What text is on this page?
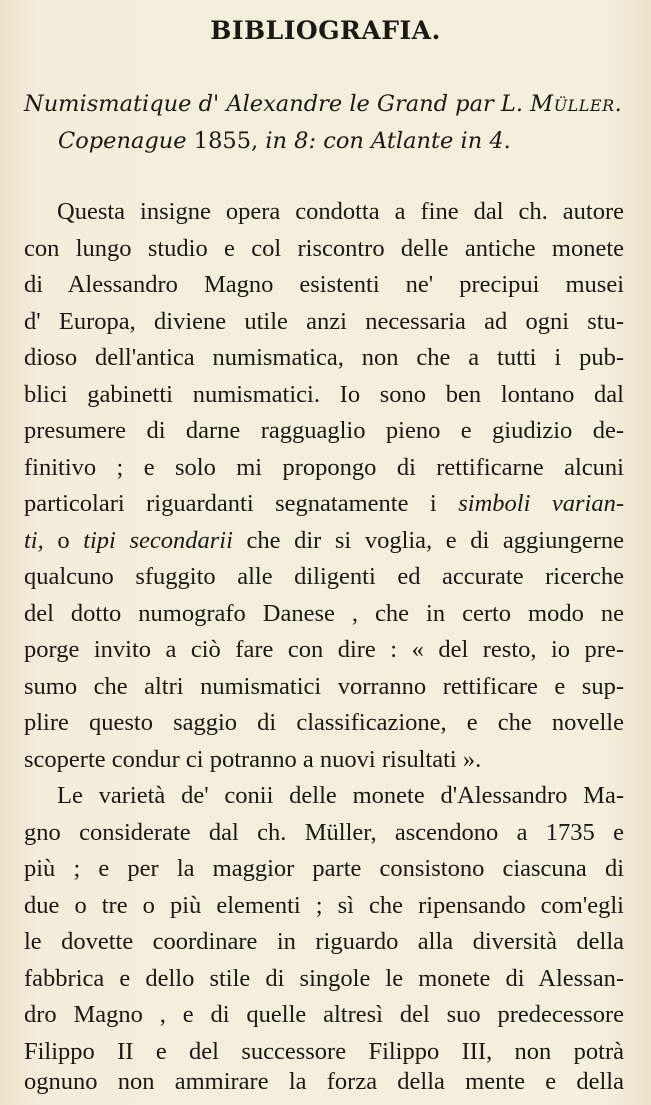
BIBLIOGRAFIA.
Numismatique d' Alexandre le Grand par L. Müller.
Copenague 1855, in 8: con Atlante in 4.
Questa insigne opera condotta a fine dal ch. autore
con lungo studio e col riscontro delle antiche monete
di Alessandro Magno esistenti ne' precipui musei
d' Europa, diviene utile anzi necessaria ad ogni stu-
dioso dell'antica numismatica, non che a tutti i pub-
blici gabinetti numismatici. Io sono ben lontano dal
presumere di darne ragguaglio pieno e giudizio de-
finitivo ; e solo mi propongo di rettificarne alcuni
particolari riguardanti segnatamente i simboli varian-
ti, o tipi secondarii che dir si voglia, e di aggiungerne
qualcuno sfuggito alle diligenti ed accurate ricerche
del dotto numografo Danese , che in certo modo ne
porge invito a ciò fare con dire : « del resto, io pre-
sumo che altri numismatici vorranno rettificare e sup-
plire questo saggio di classificazione, e che novelle
scoperte condur ci potranno a nuovi risultati ».
Le varietà de' conii delle monete d'Alessandro Ma-
gno considerate dal ch. Müller, ascendono a 1735 e
più ; e per la maggior parte consistono ciascuna di
due o tre o più elementi ; sì che ripensando com'egli
le dovette coordinare in riguardo alla diversità della
fabbrica e dello stile di singole le monete di Alessan-
dro Magno , e di quelle altresì del suo predecessore
Filippo II e del successore Filippo III, non potrà
ognuno non ammirare la forza della mente e della
